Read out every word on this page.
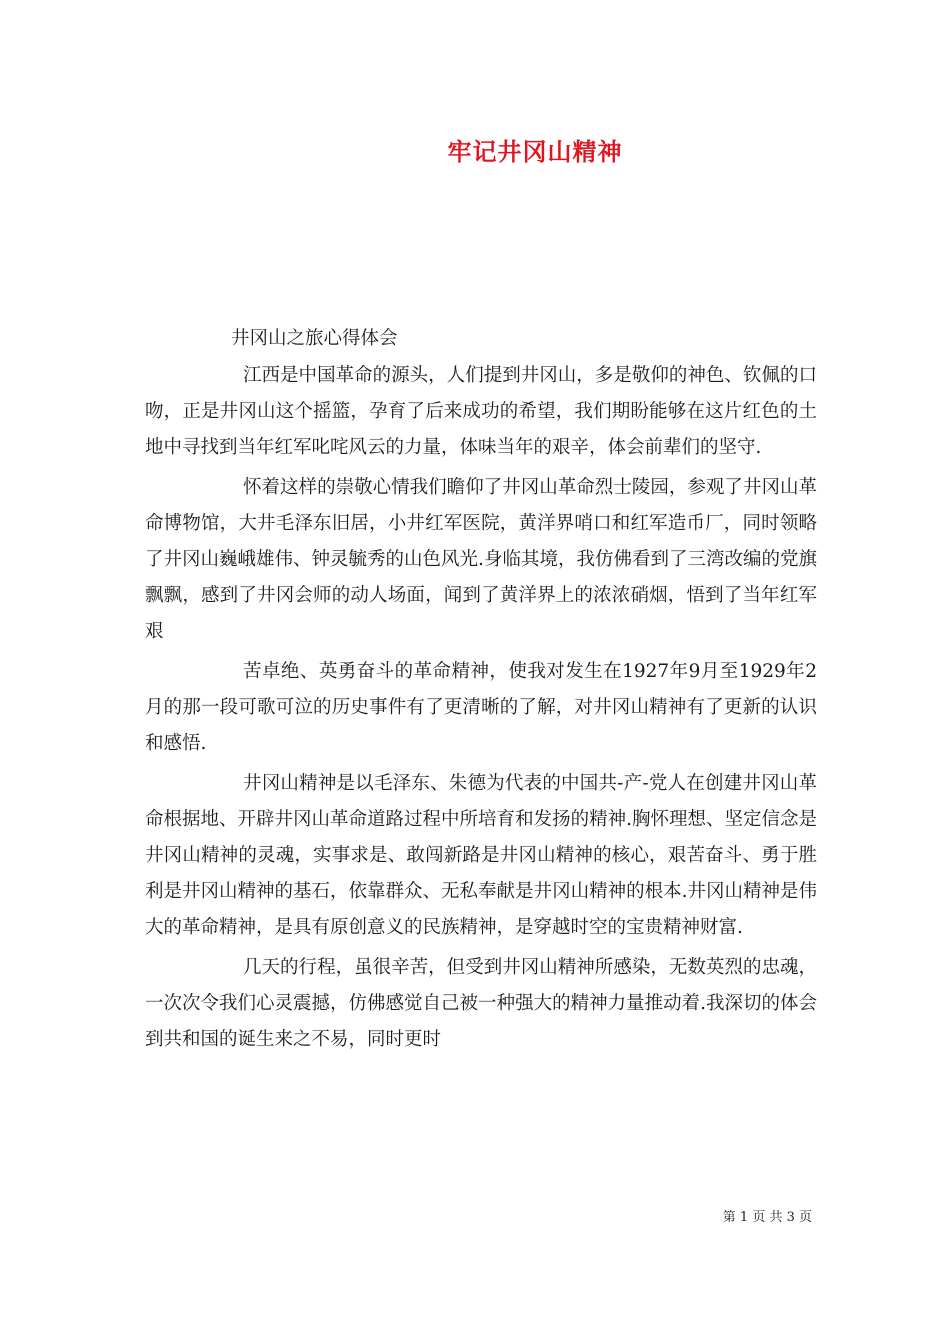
牢记井冈山精神

井冈山之旅心得体会

江西是中国革命的源头，人们提到井冈山，多是敬仰的神色、钦佩的口吻，正是井冈山这个摇篮，孕育了后来成功的希望，我们期盼能够在这片红色的土地中寻找到当年红军叱咤风云的力量，体味当年的艰辛，体会前辈们的坚守.

怀着这样的崇敬心情我们瞻仰了井冈山革命烈士陵园，参观了井冈山革命博物馆，大井毛泽东旧居，小井红军医院，黄洋界哨口和红军造币厂，同时领略了井冈山巍峨雄伟、钟灵毓秀的山色风光.身临其境，我仿佛看到了三湾改编的党旗飘飘，感到了井冈会师的动人场面，闻到了黄洋界上的浓浓硝烟，悟到了当年红军艰

苦卓绝、英勇奋斗的革命精神，使我对发生在1927年9月至1929年2月的那一段可歌可泣的历史事件有了更清晰的了解，对井冈山精神有了更新的认识和感悟.

井冈山精神是以毛泽东、朱德为代表的中国共-产-党人在创建井冈山革命根据地、开辟井冈山革命道路过程中所培育和发扬的精神.胸怀理想、坚定信念是井冈山精神的灵魂，实事求是、敢闯新路是井冈山精神的核心，艰苦奋斗、勇于胜利是井冈山精神的基石，依靠群众、无私奉献是井冈山精神的根本.井冈山精神是伟大的革命精神，是具有原创意义的民族精神，是穿越时空的宝贵精神财富.

几天的行程，虽很辛苦，但受到井冈山精神所感染，无数英烈的忠魂，一次次令我们心灵震撼，仿佛感觉自己被一种强大的精神力量推动着.我深切的体会到共和国的诞生来之不易，同时更时

第 1 页 共 3 页
